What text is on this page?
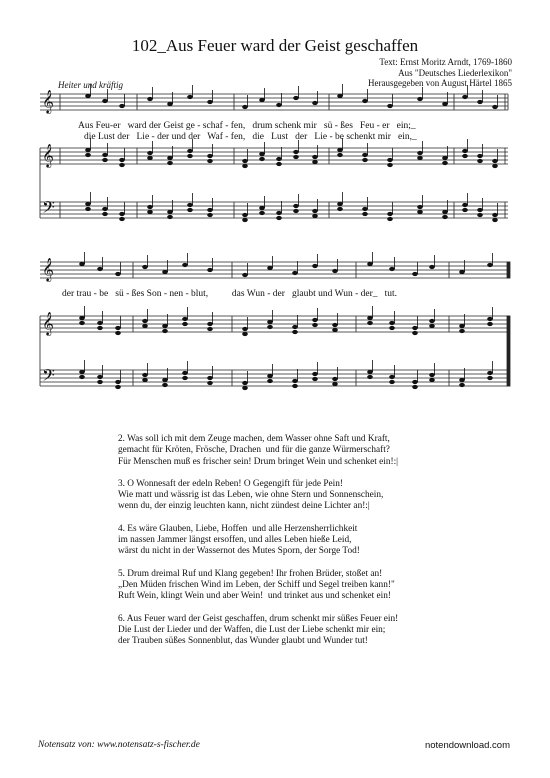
102_Aus Feuer ward der Geist geschaffen
Text: Ernst Moritz Arndt, 1769-1860
Aus "Deutsches Liederlexikon"
Herausgegeben von August Härtel 1865
Heiter und kräftig
𝄞
𝄞
𝄢
𝄞
𝄞
𝄢
Aus Feu-er   ward der Geist ge - schaf - fen,   drum schenk mir   sü - ßes   Feu - er   ein;_
die Lust der   Lie - der und der   Waf - fen,   die   Lust   der   Lie - be schenkt mir   ein,_
der trau - be   sü - ßes Son - nen - blut,          das Wun - der   glaubt und Wun - der_   tut.
2. Was soll ich mit dem Zeuge machen, dem Wasser ohne Saft und Kraft,
gemacht für Kröten, Frösche, Drachen  und für die ganze Würmerschaft?
Für Menschen muß es frischer sein! Drum bringet Wein und schenket ein!:|
3. O Wonnesaft der edeln Reben! O Gegengift für jede Pein!
Wie matt und wässrig ist das Leben, wie ohne Stern und Sonnenschein,
wenn du, der einzig leuchten kann, nicht zündest deine Lichter an!:|
4. Es wäre Glauben, Liebe, Hoffen  und alle Herzensherrlichkeit
im nassen Jammer längst ersoffen, und alles Leben hieße Leid,
wärst du nicht in der Wassernot des Mutes Sporn, der Sorge Tod!
5. Drum dreimal Ruf und Klang gegeben! Ihr frohen Brüder, stoßet an!
„Den Müden frischen Wind im Leben, der Schiff und Segel treiben kann!"
Ruft Wein, klingt Wein und aber Wein!  und trinket aus und schenket ein!
6. Aus Feuer ward der Geist geschaffen, drum schenkt mir süßes Feuer ein!
Die Lust der Lieder und der Waffen, die Lust der Liebe schenkt mir ein;
der Trauben süßes Sonnenblut, das Wunder glaubt und Wunder tut!
Notensatz von: www.notensatz-s-fischer.de	notendownload.com
